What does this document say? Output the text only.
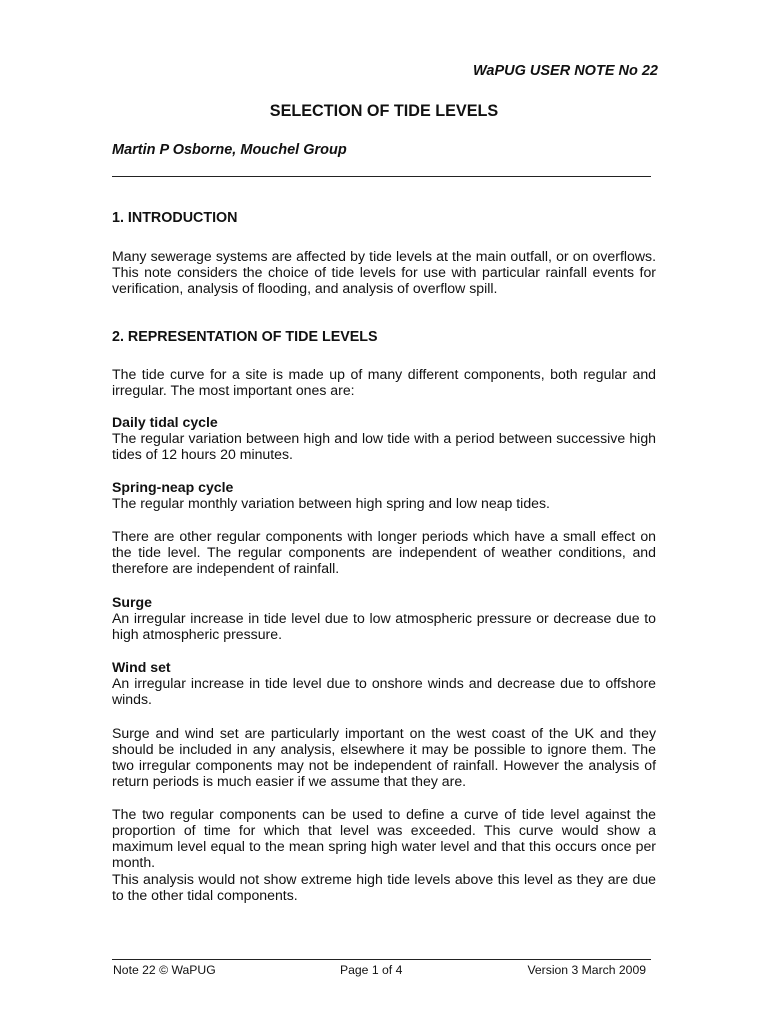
WaPUG USER NOTE No 22
SELECTION OF TIDE LEVELS
Martin P Osborne, Mouchel Group
1. INTRODUCTION
Many sewerage systems are affected by tide levels at the main outfall, or on overflows. This note considers the choice of tide levels for use with particular rainfall events for verification, analysis of flooding, and analysis of overflow spill.
2. REPRESENTATION OF TIDE LEVELS
The tide curve for a site is made up of many different components, both regular and irregular. The most important ones are:
Daily tidal cycle
The regular variation between high and low tide with a period between successive high tides of 12 hours 20 minutes.
Spring-neap cycle
The regular monthly variation between high spring and low neap tides.
There are other regular components with longer periods which have a small effect on the tide level. The regular components are independent of weather conditions, and therefore are independent of rainfall.
Surge
An irregular increase in tide level due to low atmospheric pressure or decrease due to high atmospheric pressure.
Wind set
An irregular increase in tide level due to onshore winds and decrease due to offshore winds.
Surge and wind set are particularly important on the west coast of the UK and they should be included in any analysis, elsewhere it may be possible to ignore them. The two irregular components may not be independent of rainfall. However the analysis of return periods is much easier if we assume that they are.
The two regular components can be used to define a curve of tide level against the proportion of time for which that level was exceeded. This curve would show a maximum level equal to the mean spring high water level and that this occurs once per month.
This analysis would not show extreme high tide levels above this level as they are due to the other tidal components.
Note 22 © WaPUG	Page 1 of 4	Version 3 March 2009
